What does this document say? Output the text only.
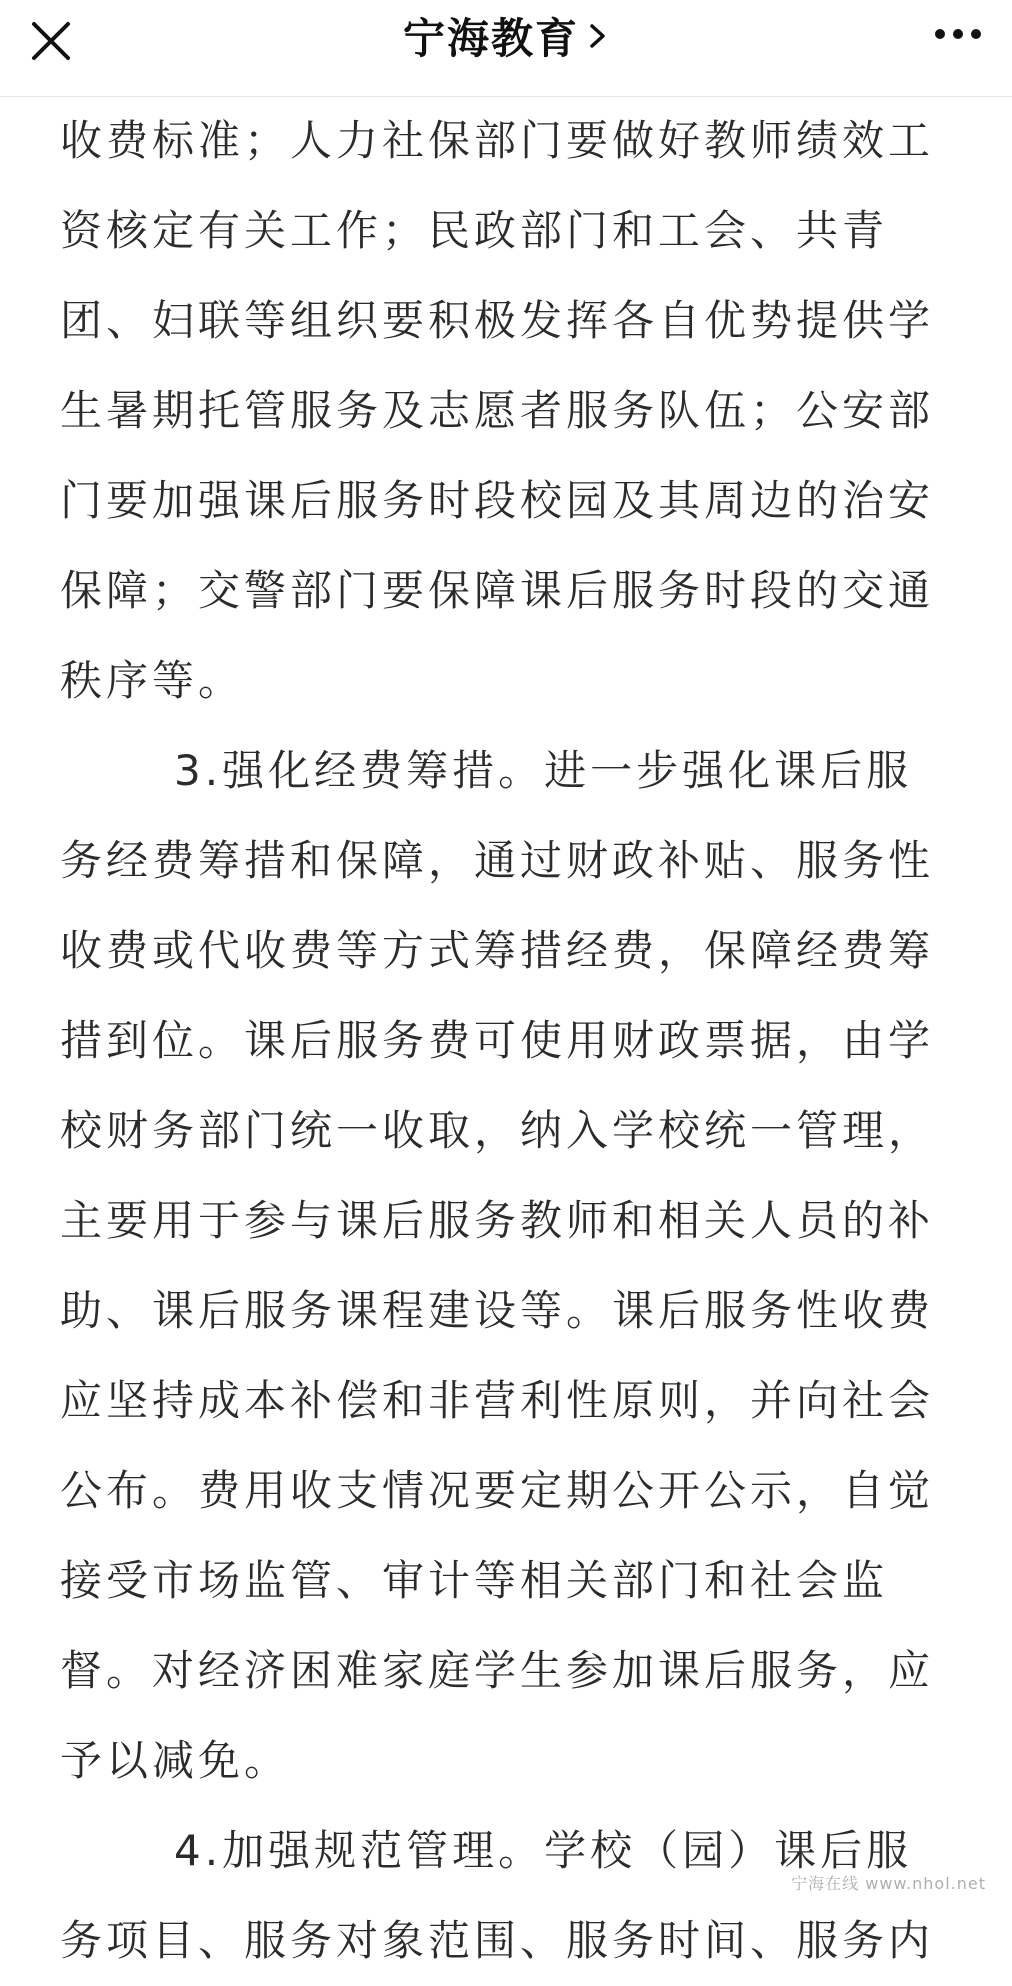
宁海教育
收费标准；人力社保部门要做好教师绩效工
资核定有关工作；民政部门和工会、共青
团、妇联等组织要积极发挥各自优势提供学
生暑期托管服务及志愿者服务队伍；公安部
门要加强课后服务时段校园及其周边的治安
保障；交警部门要保障课后服务时段的交通
秩序等。
3.强化经费筹措。进一步强化课后服
务经费筹措和保障，通过财政补贴、服务性
收费或代收费等方式筹措经费，保障经费筹
措到位。课后服务费可使用财政票据，由学
校财务部门统一收取，纳入学校统一管理，
主要用于参与课后服务教师和相关人员的补
助、课后服务课程建设等。课后服务性收费
应坚持成本补偿和非营利性原则，并向社会
公布。费用收支情况要定期公开公示，自觉
接受市场监管、审计等相关部门和社会监
督。对经济困难家庭学生参加课后服务，应
予以减免。
4.加强规范管理。学校（园）课后服
务项目、服务对象范围、服务时间、服务内
宁海在线 www.nhol.net
